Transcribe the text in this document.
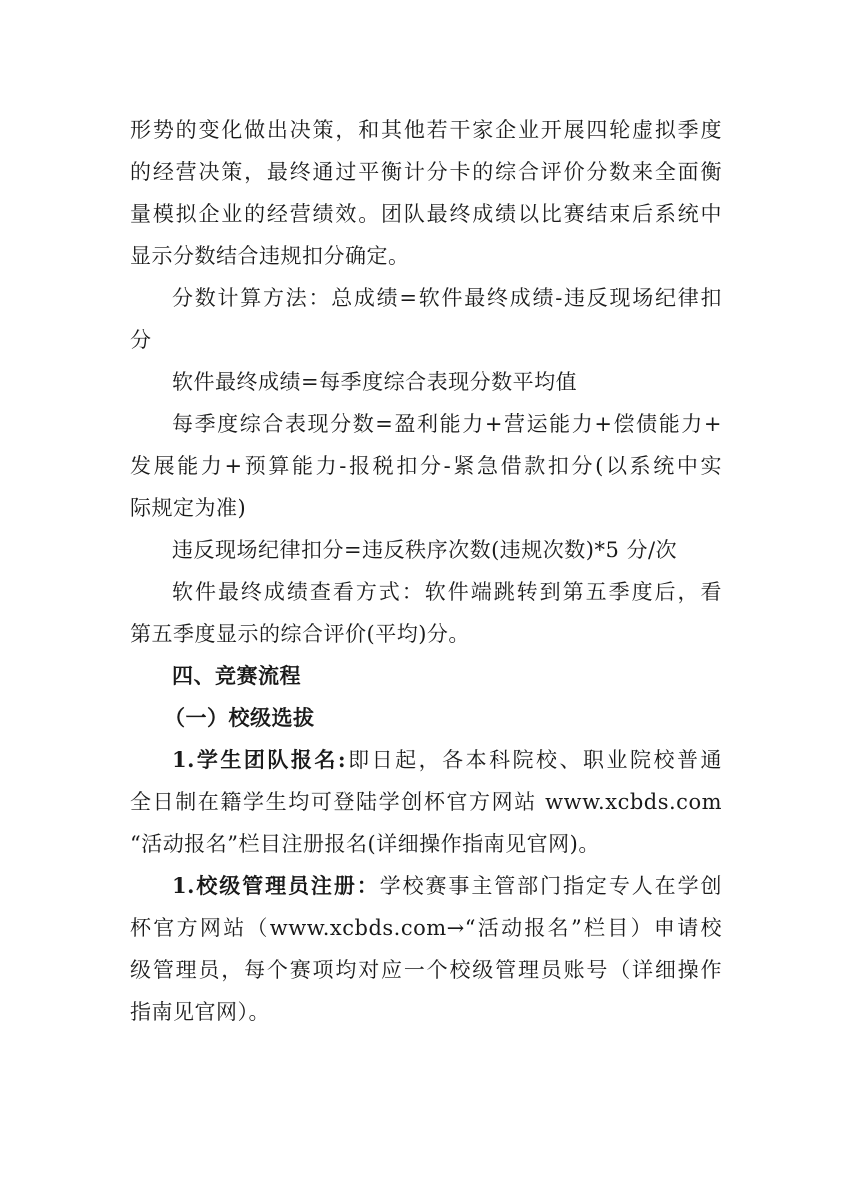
形势的变化做出决策，和其他若干家企业开展四轮虚拟季度
的经营决策，最终通过平衡计分卡的综合评价分数来全面衡
量模拟企业的经营绩效。团队最终成绩以比赛结束后系统中
显示分数结合违规扣分确定。
分数计算方法：总成绩=软件最终成绩-违反现场纪律扣
分
软件最终成绩=每季度综合表现分数平均值
每季度综合表现分数=盈利能力+营运能力+偿债能力+
发展能力+预算能力-报税扣分-紧急借款扣分(以系统中实
际规定为准)
违反现场纪律扣分=违反秩序次数(违规次数)*5 分/次
软件最终成绩查看方式：软件端跳转到第五季度后，看
第五季度显示的综合评价(平均)分。
四、竞赛流程
（一）校级选拔
1.学生团队报名:即日起，各本科院校、职业院校普通
全日制在籍学生均可登陆学创杯官方网站 www.xcbds.com
“活动报名”栏目注册报名(详细操作指南见官网)。
1.校级管理员注册：学校赛事主管部门指定专人在学创
杯官方网站（www.xcbds.com→“活动报名”栏目）申请校
级管理员，每个赛项均对应一个校级管理员账号（详细操作
指南见官网）。
